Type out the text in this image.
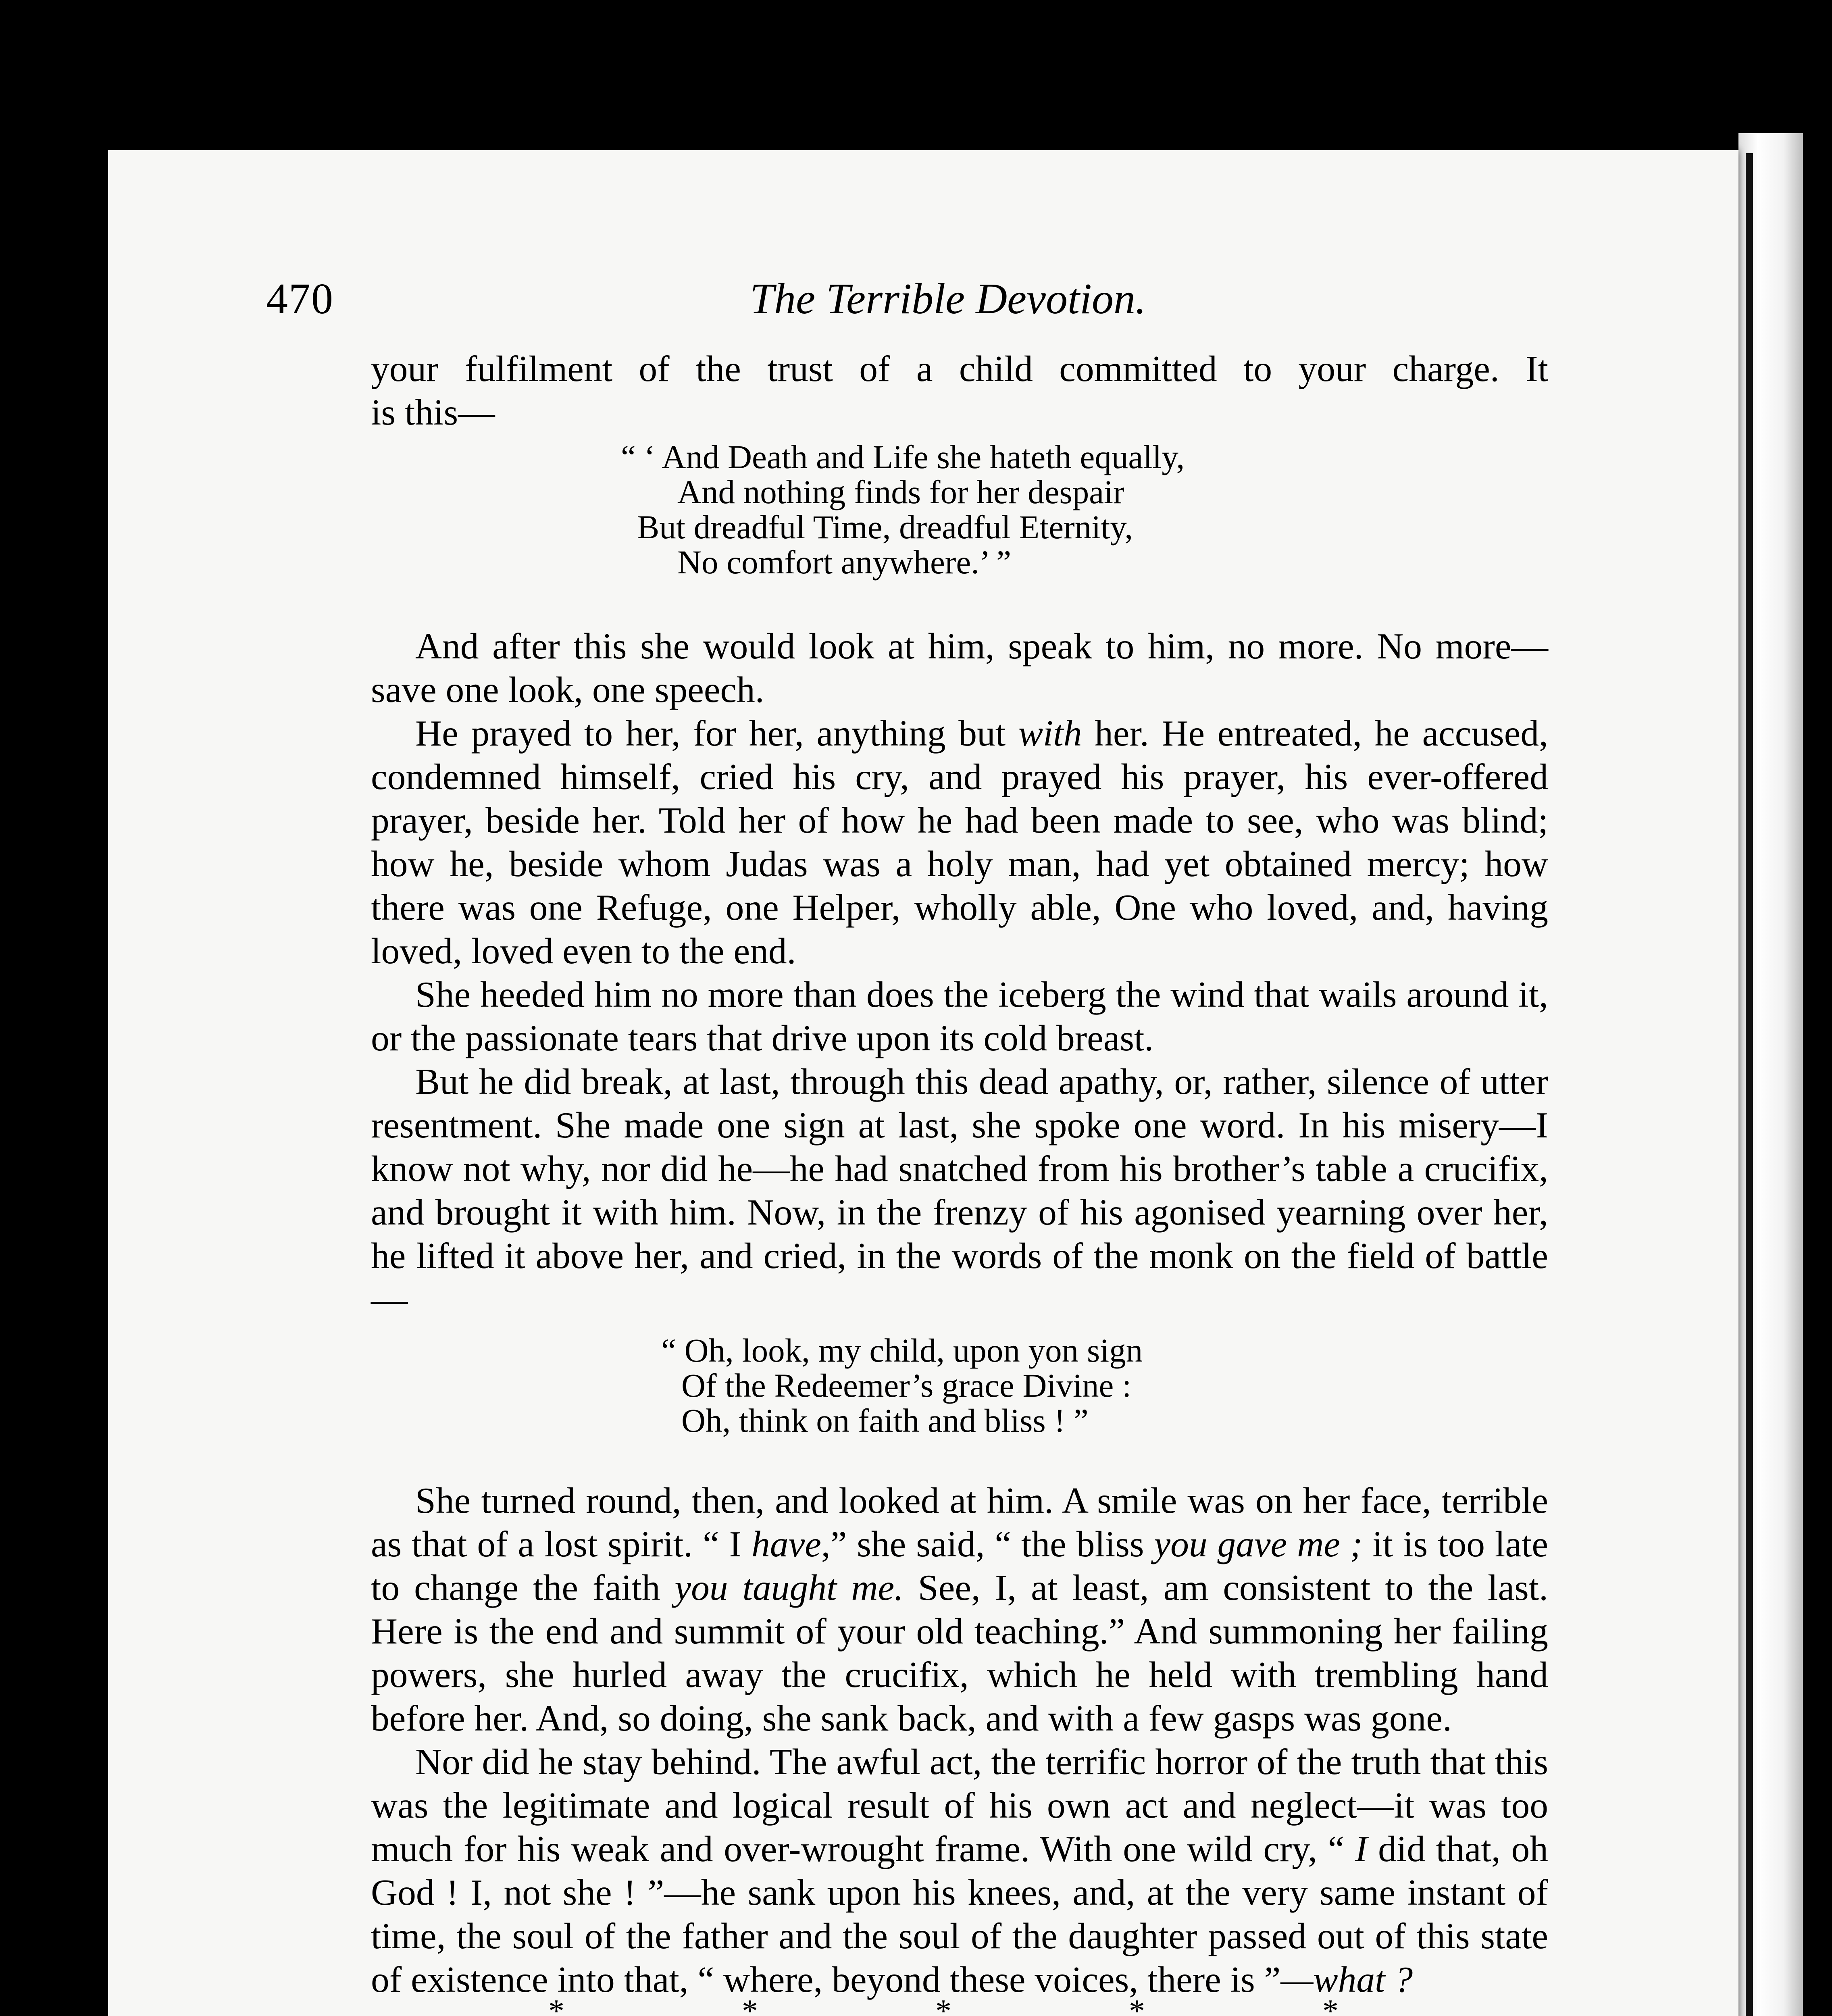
470	The Terrible Devotion.

your fulfilment of the trust of a child committed to your charge. It

is this—

“ ‘ And Death and Life she hateth equally,
And nothing finds for her despair
But dreadful Time, dreadful Eternity,
No comfort anywhere.’ ”

And after this she would look at him, speak to him, no more. No more—save one look, one speech.

He prayed to her, for her, anything but with her. He entreated, he accused, condemned himself, cried his cry, and prayed his prayer, his ever-offered prayer, beside her. Told her of how he had been made to see, who was blind; how he, beside whom Judas was a holy man, had yet obtained mercy; how there was one Refuge, one Helper, wholly able, One who loved, and, having loved, loved even to the end.

She heeded him no more than does the iceberg the wind that wails around it, or the passionate tears that drive upon its cold breast.

But he did break, at last, through this dead apathy, or, rather, silence of utter resentment. She made one sign at last, she spoke one word. In his misery—I know not why, nor did he—he had snatched from his brother’s table a crucifix, and brought it with him. Now, in the frenzy of his agonised yearning over her, he lifted it above her, and cried, in the words of the monk on the field of battle—

“ Oh, look, my child, upon yon sign
Of the Redeemer’s grace Divine :
Oh, think on faith and bliss ! ”

She turned round, then, and looked at him. A smile was on her face, terrible as that of a lost spirit. “ I have,” she said, “ the bliss you gave me ; it is too late to change the faith you taught me. See, I, at least, am consistent to the last. Here is the end and summit of your old teaching.” And summoning her failing powers, she hurled away the crucifix, which he held with trembling hand before her. And, so doing, she sank back, and with a few gasps was gone.

Nor did he stay behind. The awful act, the terrific horror of the truth that this was the legitimate and logical result of his own act and neglect—it was too much for his weak and over-wrought frame. With one wild cry, “ I did that, oh God ! I, not she ! ”—he sank upon his knees, and, at the very same instant of time, the soul of the father and the soul of the daughter passed out of this state of existence into that, “ where, beyond these voices, there is ”—what ?

*	*	*	*	*
